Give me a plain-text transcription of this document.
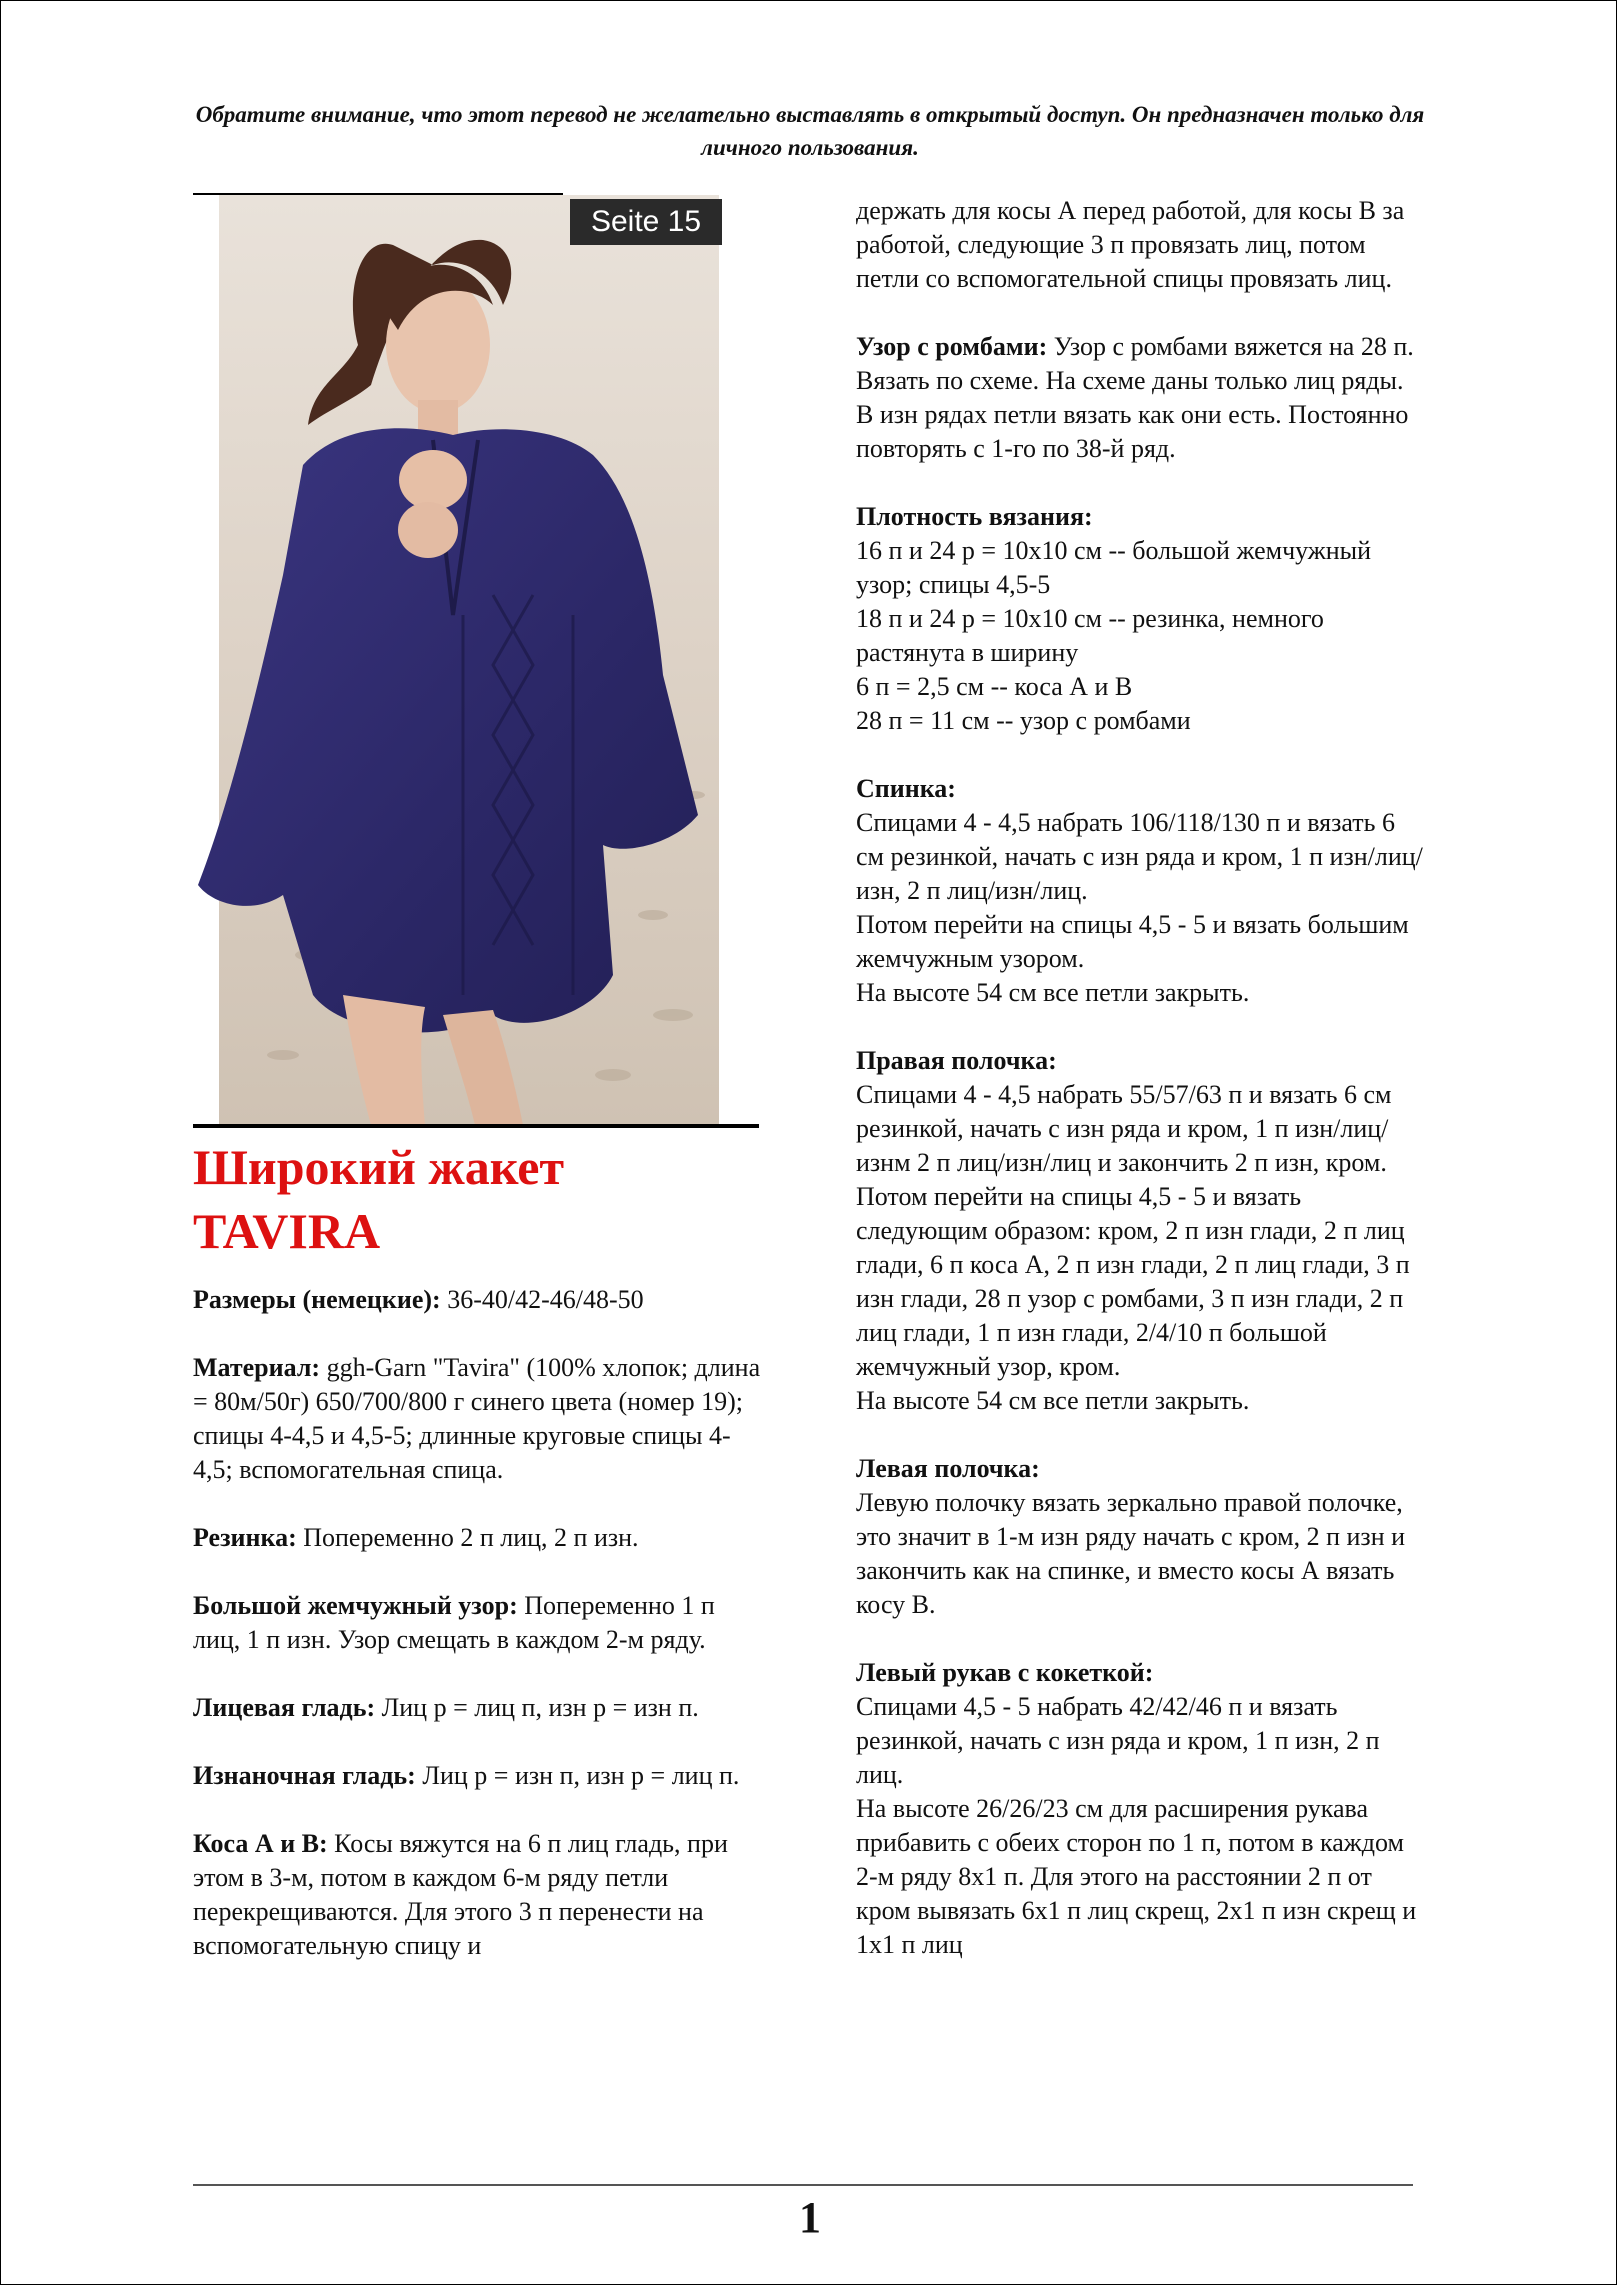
Обратите внимание, что этот перевод не желательно выставлять в открытый доступ. Он предназначен только для личного пользования.
Seite 15
Широкий жакет
TAVIRA

Размеры (немецкие): 36-40/42-46/48-50

Материал: ggh-Garn "Tavira" (100% хлопок; длина = 80м/50г) 650/700/800 г синего цвета (номер 19); спицы 4-4,5 и 4,5-5; длинные круговые спицы 4-4,5; вспомогательная спица.

Резинка: Попеременно 2 п лиц, 2 п изн.

Большой жемчужный узор: Попеременно 1 п лиц, 1 п изн. Узор смещать в каждом 2-м ряду.

Лицевая гладь: Лиц р = лиц п, изн р = изн п.

Изнаночная гладь: Лиц р = изн п, изн р = лиц п.

Коса А и В: Косы вяжутся на 6 п лиц гладь, при этом в 3-м, потом в каждом 6-м ряду петли перекрещиваются. Для этого 3 п перенести на вспомогательную спицу и

держать для косы А перед работой, для косы В за работой, следующие 3 п провязать лиц, потом петли со вспомогательной спицы провязать лиц.

Узор с ромбами: Узор с ромбами вяжется на 28 п. Вязать по схеме. На схеме даны только лиц ряды. В изн рядах петли вязать как они есть. Постоянно повторять с 1-го по 38-й ряд.

Плотность вязания:
16 п и 24 р = 10х10 см -- большой жемчужный узор; спицы 4,5-5
18 п и 24 р = 10х10 см -- резинка, немного растянута в ширину
6 п = 2,5 см -- коса А и В
28 п = 11 см -- узор с ромбами

Спинка:
Спицами 4 - 4,5 набрать 106/118/130 п и вязать 6 см резинкой, начать с изн ряда и кром, 1 п изн/лиц/изн, 2 п лиц/изн/лиц.
Потом перейти на спицы 4,5 - 5 и вязать большим жемчужным узором.
На высоте 54 см все петли закрыть.

Правая полочка:
Спицами 4 - 4,5 набрать 55/57/63 п и вязать 6 см резинкой, начать с изн ряда и кром, 1 п изн/лиц/изнм 2 п лиц/изн/лиц и закончить 2 п изн, кром.
Потом перейти на спицы 4,5 - 5 и вязать следующим образом: кром, 2 п изн глади, 2 п лиц глади, 6 п коса А, 2 п изн глади, 2 п лиц глади, 3 п изн глади, 28 п узор с ромбами, 3 п изн глади, 2 п лиц глади, 1 п изн глади, 2/4/10 п большой жемчужный узор, кром.
На высоте 54 см все петли закрыть.

Левая полочка:
Левую полочку вязать зеркально правой полочке, это значит в 1-м изн ряду начать с кром, 2 п изн и закончить как на спинке, и вместо косы А вязать косу В.

Левый рукав с кокеткой:
Спицами 4,5 - 5 набрать 42/42/46 п и вязать резинкой, начать с изн ряда и кром, 1 п изн, 2 п лиц.
На высоте 26/26/23 см для расширения рукава прибавить с обеих сторон по 1 п, потом в каждом 2-м ряду 8х1 п. Для этого на расстоянии 2 п от кром вывязать 6х1 п лиц скрещ, 2х1 п изн скрещ и 1х1 п лиц

1
